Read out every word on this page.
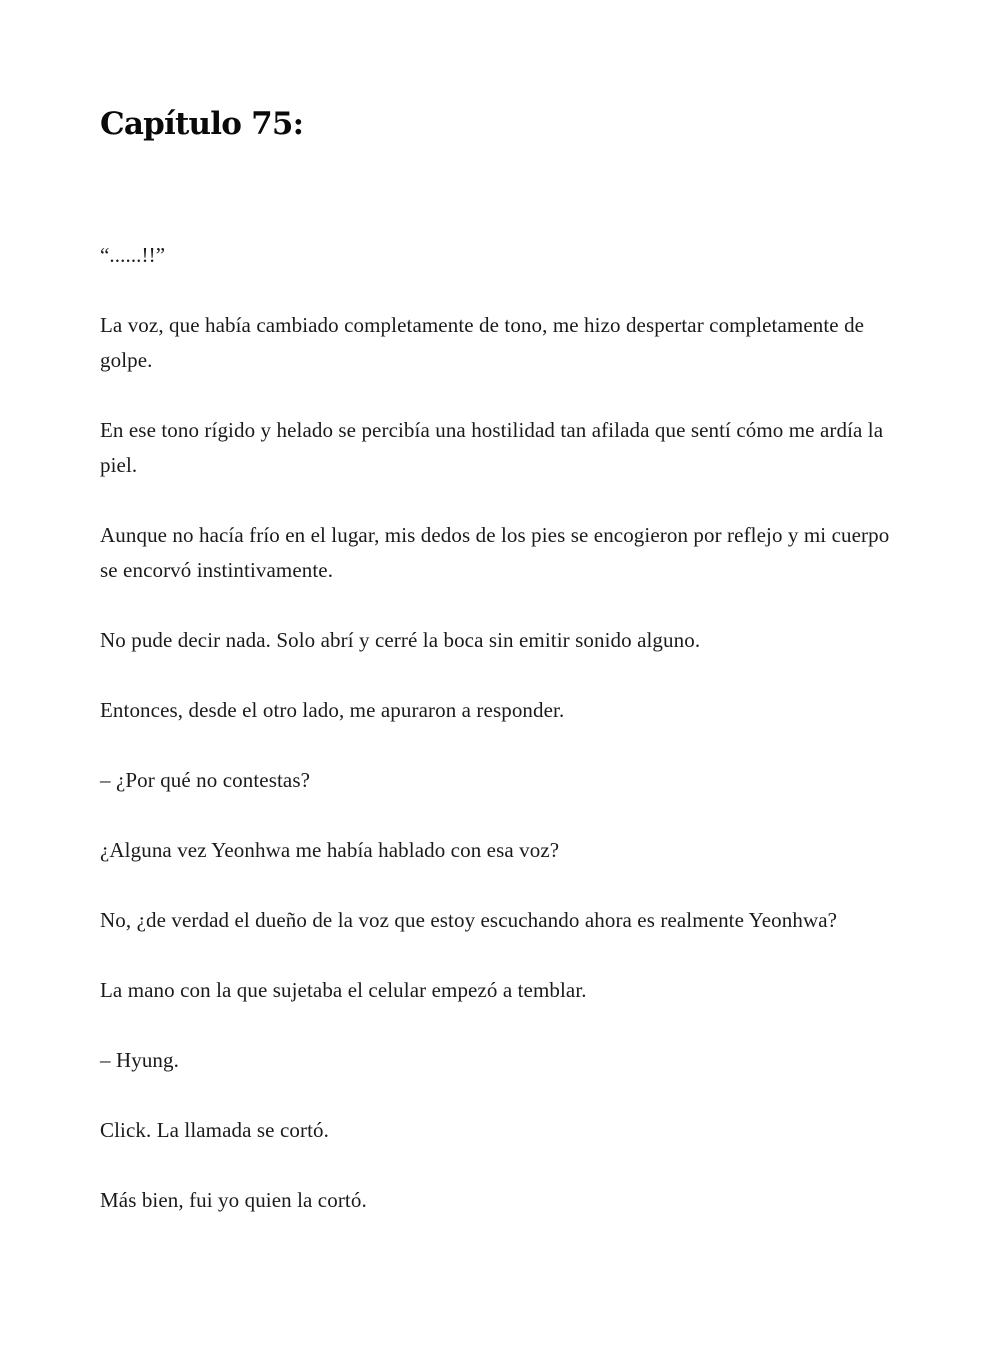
Capítulo 75:

“......!!”

La voz, que había cambiado completamente de tono, me hizo despertar completamente de golpe.

En ese tono rígido y helado se percibía una hostilidad tan afilada que sentí cómo me ardía la piel.

Aunque no hacía frío en el lugar, mis dedos de los pies se encogieron por reflejo y mi cuerpo se encorvó instintivamente.

No pude decir nada. Solo abrí y cerré la boca sin emitir sonido alguno.

Entonces, desde el otro lado, me apuraron a responder.

– ¿Por qué no contestas?

¿Alguna vez Yeonhwa me había hablado con esa voz?

No, ¿de verdad el dueño de la voz que estoy escuchando ahora es realmente Yeonhwa?

La mano con la que sujetaba el celular empezó a temblar.

– Hyung.

Click. La llamada se cortó.

Más bien, fui yo quien la cortó.
